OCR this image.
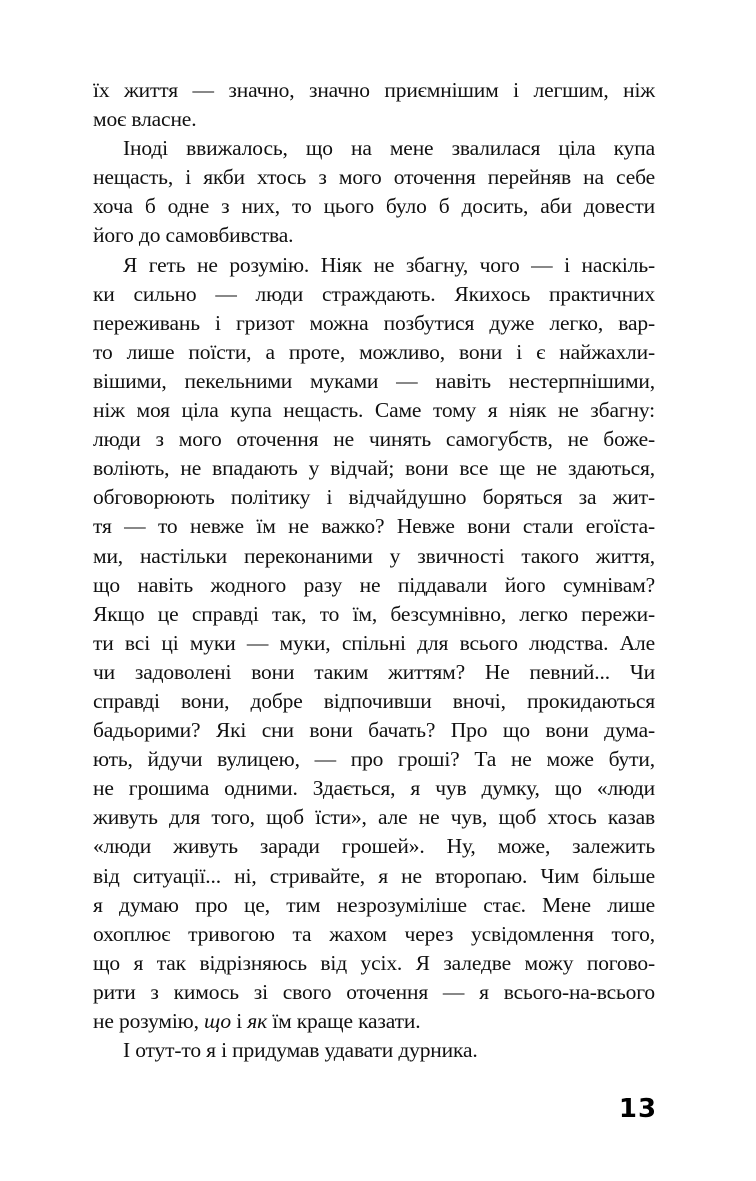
їх життя — значно, значно приємнішим і легшим, ніж
моє власне.
Іноді ввижалось, що на мене звалилася ціла купа
нещасть, і якби хтось з мого оточення перейняв на себе
хоча б одне з них, то цього було б досить, аби довести
його до самовбивства.
Я геть не розумію. Ніяк не збагну, чого — і наскіль-
ки сильно — люди страждають. Якихось практичних
переживань і гризот можна позбутися дуже легко, вар-
то лише поїсти, а проте, можливо, вони і є найжахли-
вішими, пекельними муками — навіть нестерпнішими,
ніж моя ціла купа нещасть. Саме тому я ніяк не збагну:
люди з мого оточення не чинять самогубств, не боже-
воліють, не впадають у відчай; вони все ще не здаються,
обговорюють політику і відчайдушно боряться за жит-
тя — то невже їм не важко? Невже вони стали егоїста-
ми, настільки переконаними у звичності такого життя,
що навіть жодного разу не піддавали його сумнівам?
Якщо це справді так, то їм, безсумнівно, легко пережи-
ти всі ці муки — муки, спільні для всього людства. Але
чи задоволені вони таким життям? Не певний... Чи
справді вони, добре відпочивши вночі, прокидаються
бадьорими? Які сни вони бачать? Про що вони дума-
ють, йдучи вулицею, — про гроші? Та не може бути,
не грошима одними. Здається, я чув думку, що «люди
живуть для того, щоб їсти», але не чув, щоб хтось казав
«люди живуть заради грошей». Ну, може, залежить
від ситуації... ні, стривайте, я не второпаю. Чим більше
я думаю про це, тим незрозуміліше стає. Мене лише
охоплює тривогою та жахом через усвідомлення того,
що я так відрізняюсь від усіх. Я заледве можу погово-
рити з кимось зі свого оточення — я всього-на-всього
не розумію, що і як їм краще казати.
І отут-то я і придумав удавати дурника.
13
